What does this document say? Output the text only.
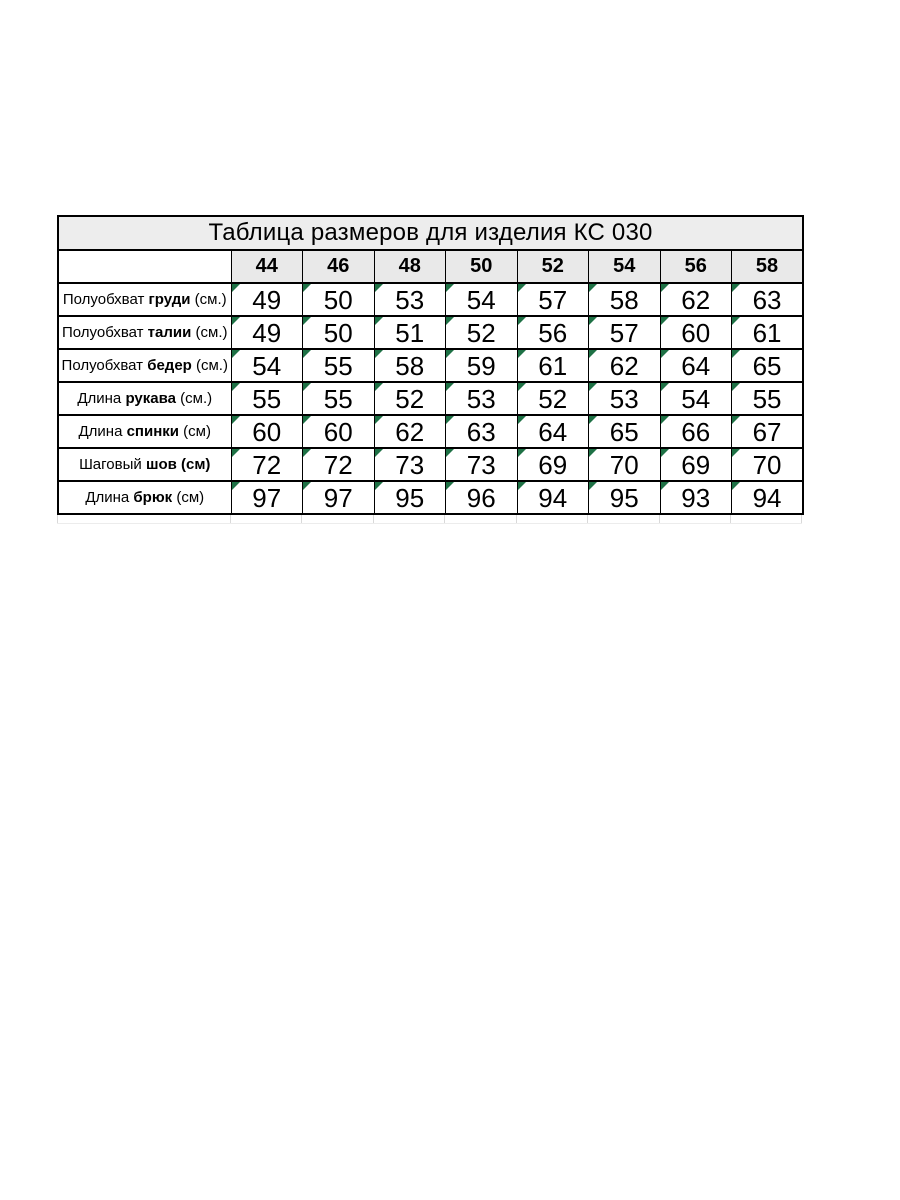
Таблица размеров для изделия КС 030								
	44	46	48	50	52	54	56	58
Полуобхват груди (см.)	49	50	53	54	57	58	62	63
Полуобхват талии (см.)	49	50	51	52	56	57	60	61
Полуобхват бедер (см.)	54	55	58	59	61	62	64	65
Длина рукава (см.)	55	55	52	53	52	53	54	55
Длина спинки (см)	60	60	62	63	64	65	66	67
Шаговый шов (см)	72	72	73	73	69	70	69	70
Длина брюк (см)	97	97	95	96	94	95	93	94
